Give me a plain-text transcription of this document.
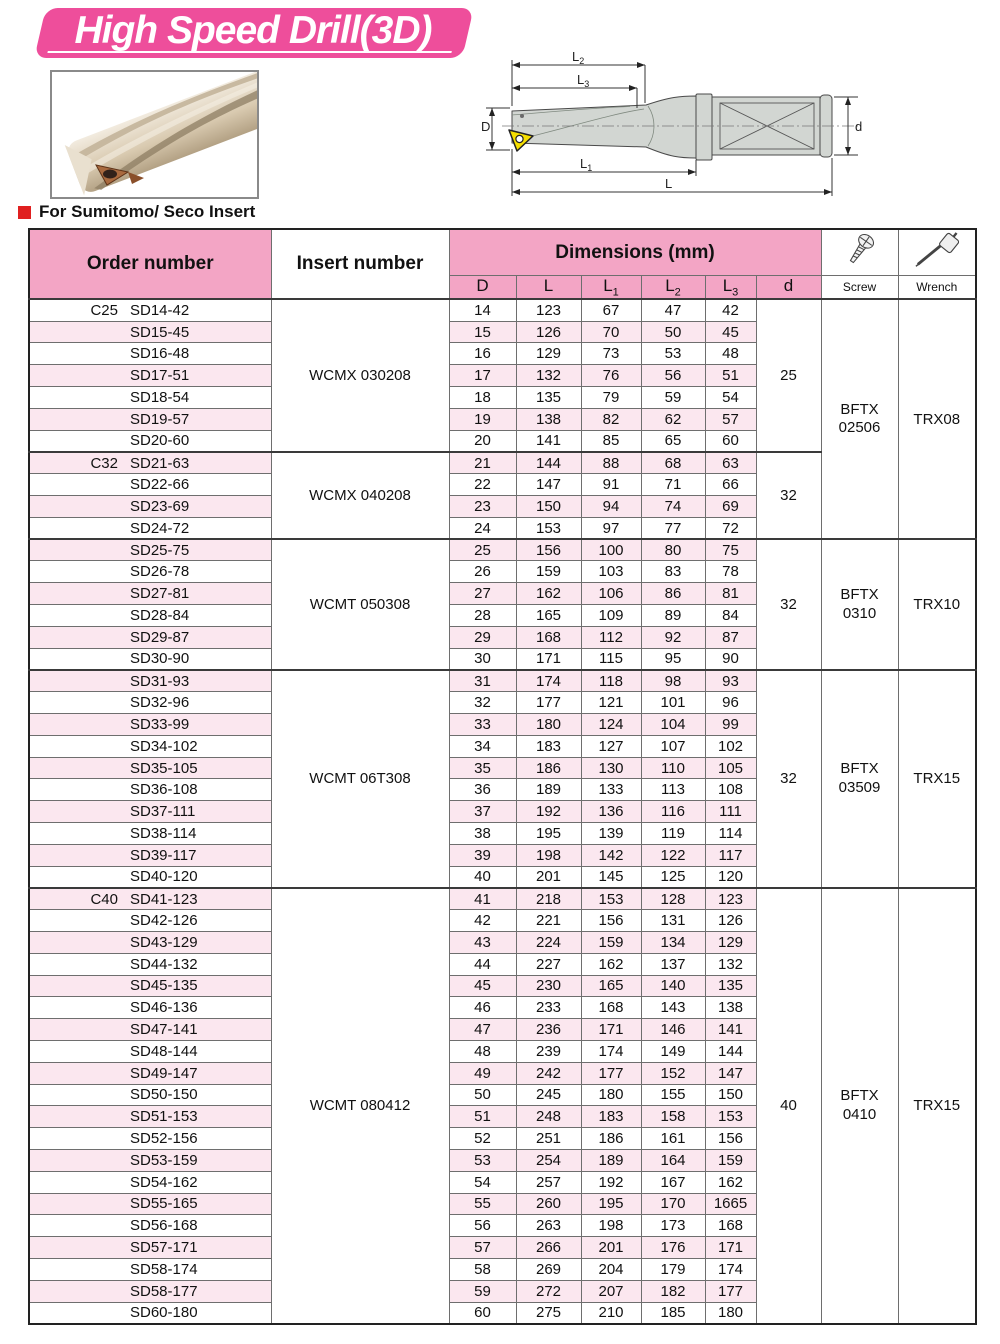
High Speed Drill(3D)
$L_2$
$L_3$
D
$L_1$
L
d
For Sumitomo/ Seco Insert
Order number	Insert number	Dimensions (mm)		
		D	L	$L_1$	$L_2$	$L_3$	d	Screw	Wrench
C25 SD14-42	WCMX 030208	14	123	67	47	42	25	BFTX
02506	TRX08
SD15-45		15	126	70	50	45			
SD16-48		16	129	73	53	48			
SD17-51		17	132	76	56	51			
SD18-54		18	135	79	59	54			
SD19-57		19	138	82	62	57			
SD20-60		20	141	85	65	60			
C32 SD21-63	WCMX 040208	21	144	88	68	63	32		
SD22-66		22	147	91	71	66			
SD23-69		23	150	94	74	69			
SD24-72		24	153	97	77	72			
SD25-75	WCMT 050308	25	156	100	80	75	32	BFTX
0310	TRX10
SD26-78		26	159	103	83	78			
SD27-81		27	162	106	86	81			
SD28-84		28	165	109	89	84			
SD29-87		29	168	112	92	87			
SD30-90		30	171	115	95	90			
SD31-93	WCMT 06T308	31	174	118	98	93	32	BFTX
03509	TRX15
SD32-96		32	177	121	101	96			
SD33-99		33	180	124	104	99			
SD34-102		34	183	127	107	102			
SD35-105		35	186	130	110	105			
SD36-108		36	189	133	113	108			
SD37-111		37	192	136	116	111			
SD38-114		38	195	139	119	114			
SD39-117		39	198	142	122	117			
SD40-120		40	201	145	125	120			
C40 SD41-123	WCMT 080412	41	218	153	128	123	40	BFTX
0410	TRX15
SD42-126		42	221	156	131	126			
SD43-129		43	224	159	134	129			
SD44-132		44	227	162	137	132			
SD45-135		45	230	165	140	135			
SD46-136		46	233	168	143	138			
SD47-141		47	236	171	146	141			
SD48-144		48	239	174	149	144			
SD49-147		49	242	177	152	147			
SD50-150		50	245	180	155	150			
SD51-153		51	248	183	158	153			
SD52-156		52	251	186	161	156			
SD53-159		53	254	189	164	159			
SD54-162		54	257	192	167	162			
SD55-165		55	260	195	170	1665			
SD56-168		56	263	198	173	168			
SD57-171		57	266	201	176	171			
SD58-174		58	269	204	179	174			
SD58-177		59	272	207	182	177			
SD60-180		60	275	210	185	180			
